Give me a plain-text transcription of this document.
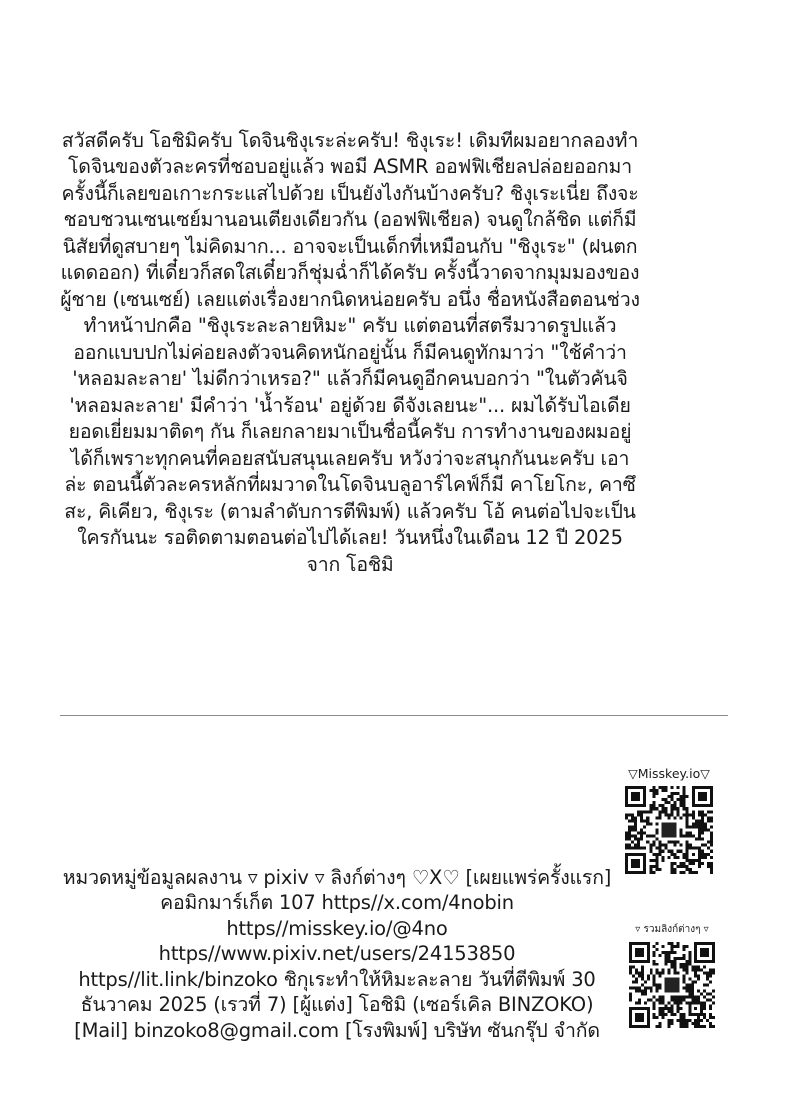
สวัสดีครับ โอชิมิครับ โดจินชิงุเระล่ะครับ! ชิงุเระ! เดิมทีผมอยากลองทำโดจินของตัวละครที่ชอบอยู่แล้ว พอมี ASMR ออฟฟิเชียลปล่อยออกมา ครั้งนี้ก็เลยขอเกาะกระแสไปด้วย เป็นยังไงกันบ้างครับ? ชิงุเระเนี่ย ถึงจะชอบชวนเซนเซย์มานอนเตียงเดียวกัน (ออฟฟิเชียล) จนดูใกล้ชิด แต่ก็มีนิสัยที่ดูสบายๆ ไม่คิดมาก... อาจจะเป็นเด็กที่เหมือนกับ "ชิงุเระ" (ฝนตกแดดออก) ที่เดี๋ยวก็สดใสเดี๋ยวก็ชุ่มฉ่ำก็ได้ครับ ครั้งนี้วาดจากมุมมองของผู้ชาย (เซนเซย์) เลยแต่งเรื่องยากนิดหน่อยครับ อนึ่ง ชื่อหนังสือตอนช่วงทำหน้าปกคือ "ชิงุเระละลายหิมะ" ครับ แต่ตอนที่สตรีมวาดรูปแล้วออกแบบปกไม่ค่อยลงตัวจนคิดหนักอยู่นั้น ก็มีคนดูทักมาว่า "ใช้คำว่า 'หลอมละลาย' ไม่ดีกว่าเหรอ?" แล้วก็มีคนดูอีกคนบอกว่า "ในตัวคันจิ 'หลอมละลาย' มีคำว่า 'น้ำร้อน' อยู่ด้วย ดีจังเลยนะ"... ผมได้รับไอเดียยอดเยี่ยมมาติดๆ กัน ก็เลยกลายมาเป็นชื่อนี้ครับ การทำงานของผมอยู่ได้ก็เพราะทุกคนที่คอยสนับสนุนเลยครับ หวังว่าจะสนุกกันนะครับ เอาล่ะ ตอนนี้ตัวละครหลักที่ผมวาดในโดจินบลูอาร์ไคฟ์ก็มี คาโยโกะ, คาซึสะ, คิเคียว, ชิงุเระ (ตามลำดับการตีพิมพ์) แล้วครับ โอ้ คนต่อไปจะเป็นใครกันนะ รอติดตามตอนต่อไปได้เลย! วันหนึ่งในเดือน 12 ปี 2025 จาก โอชิมิ

หมวดหมู่ข้อมูลผลงาน ▿ pixiv ▿ ลิงก์ต่างๆ ♡X♡ [เผยแพร่ครั้งแรก] คอมิกมาร์เก็ต 107 https//x.com/4nobin https//misskey.io/@4no https//www.pixiv.net/users/24153850 https//lit.link/binzoko ชิกุเระทำให้หิมะละลาย วันที่ตีพิมพ์ 30 ธันวาคม 2025 (เรวที่ 7) [ผู้แต่ง] โอชิมิ (เซอร์เคิล BINZOKO) [Mail] binzoko8@gmail.com [โรงพิมพ์] บริษัท ซันกรุ๊ป จำกัด

▽Misskey.io▽
▿ รวมลิงก์ต่างๆ ▿
